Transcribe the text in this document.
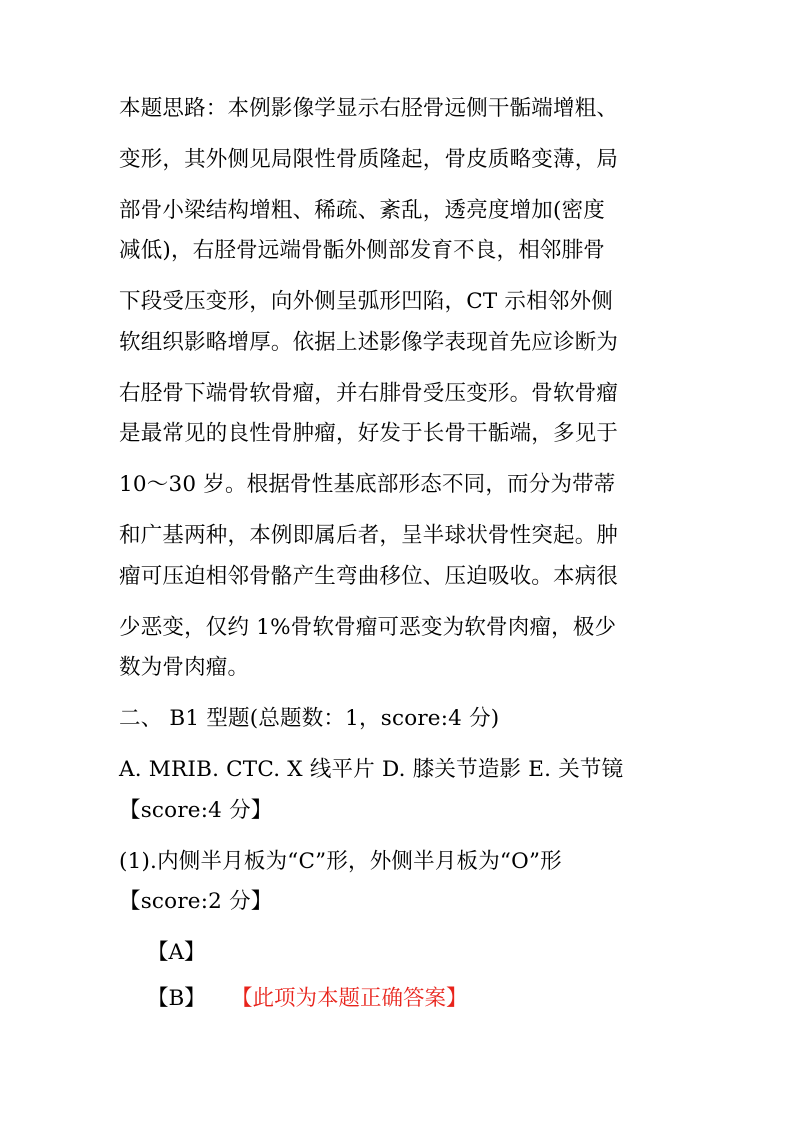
本题思路：本例影像学显示右胫骨远侧干骺端增粗、

变形，其外侧见局限性骨质隆起，骨皮质略变薄，局

部骨小梁结构增粗、稀疏、紊乱，透亮度增加(密度

减低)，右胫骨远端骨骺外侧部发育不良，相邻腓骨

下段受压变形，向外侧呈弧形凹陷，CT 示相邻外侧

软组织影略增厚。依据上述影像学表现首先应诊断为

右胫骨下端骨软骨瘤，并右腓骨受压变形。骨软骨瘤

是最常见的良性骨肿瘤，好发于长骨干骺端，多见于

10～30 岁。根据骨性基底部形态不同，而分为带蒂

和广基两种，本例即属后者，呈半球状骨性突起。肿

瘤可压迫相邻骨骼产生弯曲移位、压迫吸收。本病很

少恶变，仅约 1%骨软骨瘤可恶变为软骨肉瘤，极少

数为骨肉瘤。

二、 B1 型题(总题数：1，score:4 分)

A. MRIB. CTC. X 线平片 D. 膝关节造影 E. 关节镜

【score:4 分】

(1).内侧半月板为“C”形，外侧半月板为“O”形

【score:2 分】

【A】

【B】 【此项为本题正确答案】
